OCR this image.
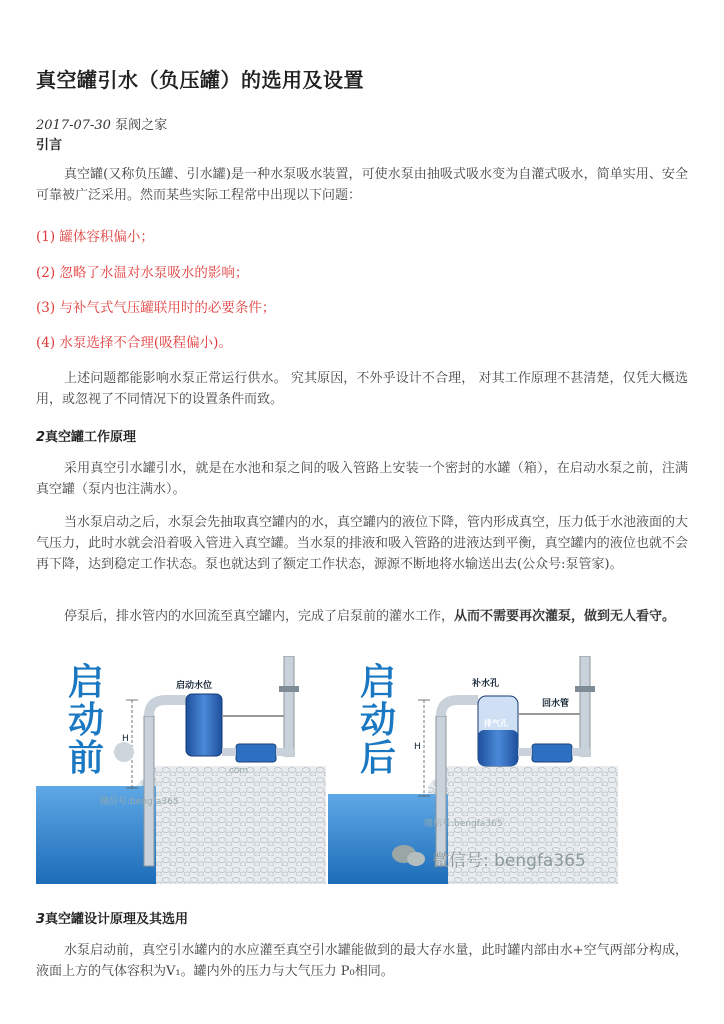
真空罐引水（负压罐）的选用及设置
2017-07-30 泵阀之家
引言
真空罐(又称负压罐、引水罐)是一种水泵吸水装置，可使水泵由抽吸式吸水变为自灌式吸水，简单实用、安全可靠被广泛采用。然而某些实际工程常中出现以下问题：
(1) 罐体容积偏小；
(2) 忽略了水温对水泵吸水的影响；
(3) 与补气式气压罐联用时的必要条件；
(4) 水泵选择不合理(吸程偏小)。
上述问题都能影响水泵正常运行供水。 究其原因，不外乎设计不合理， 对其工作原理不甚清楚，仅凭大概选用，或忽视了不同情况下的设置条件而致。
2真空罐工作原理
采用真空引水罐引水，就是在水池和泵之间的吸入管路上安装一个密封的水罐（箱），在启动水泵之前，注满真空罐（泵内也注满水）。
当水泵启动之后，水泵会先抽取真空罐内的水，真空罐内的液位下降，管内形成真空，压力低于水池液面的大气压力，此时水就会沿着吸入管进入真空罐。当水泵的排液和吸入管路的进液达到平衡，真空罐内的液位也就不会再下降，达到稳定工作状态。泵也就达到了额定工作状态，源源不断地将水输送出去(公众号:泵管家)。
停泵后，排水管内的水回流至真空罐内，完成了启泵前的灌水工作，从而不需要再次灌泵，做到无人看守。
启动前
启动水位
H
.com
微信号:bengfa365
启动后
补水孔
回水管
排气孔
H
微信号:bengfa365
微信号: bengfa365
3真空罐设计原理及其选用
水泵启动前，真空引水罐内的水应灌至真空引水罐能做到的最大存水量，此时罐内部由水+空气两部分构成，液面上方的气体容积为V₁。罐内外的压力与大气压力 P₀相同。
